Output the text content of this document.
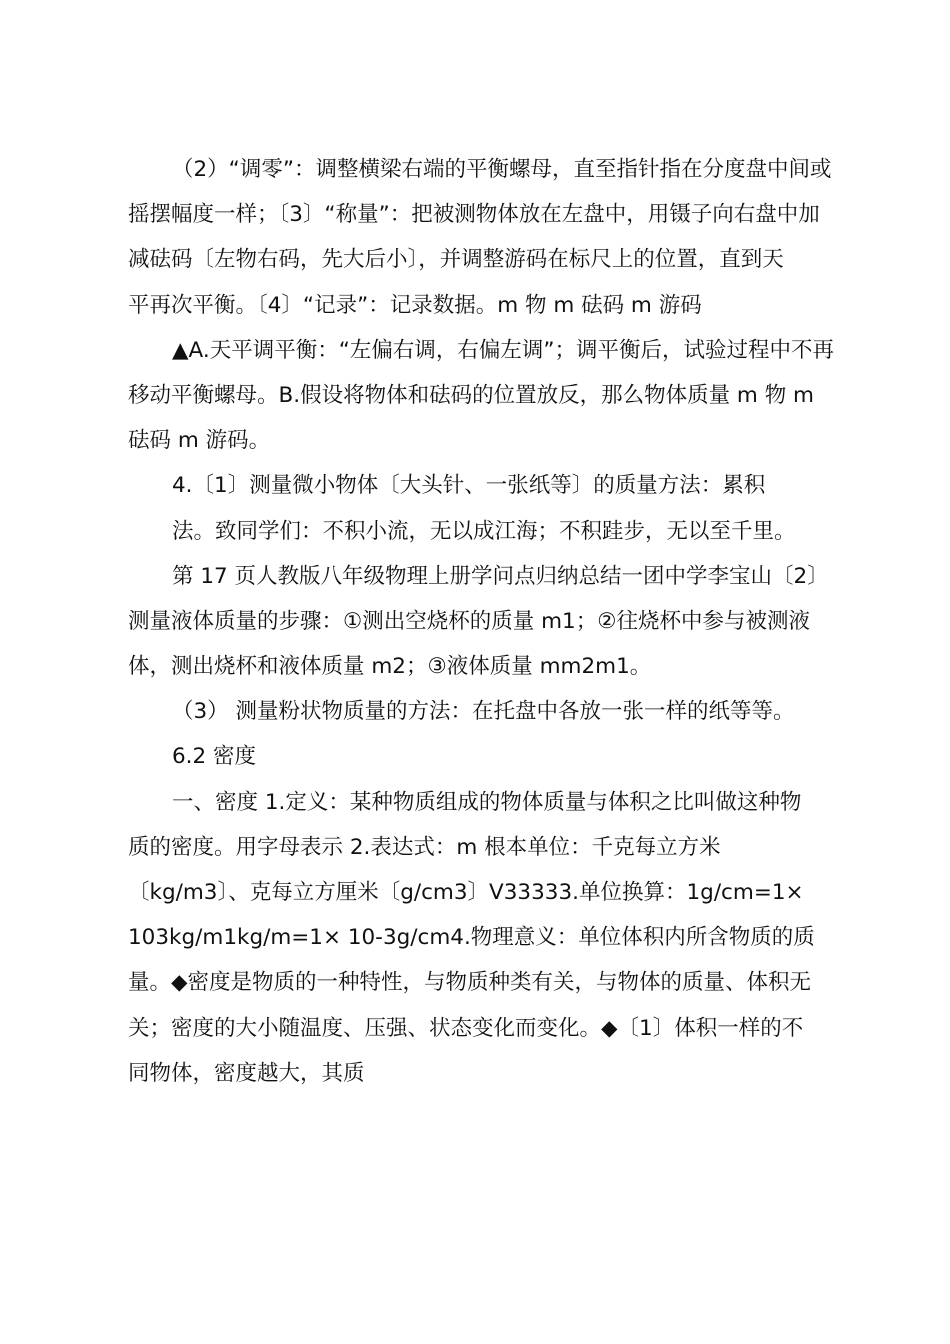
（2）“调零”：调整横梁右端的平衡螺母，直至指针指在分度盘中间或
摇摆幅度一样；〔3〕“称量”：把被测物体放在左盘中，用镊子向右盘中加
减砝码〔左物右码，先大后小〕，并调整游码在标尺上的位置，直到天
平再次平衡。〔4〕“记录”：记录数据。m 物 m 砝码 m 游码
▲A.天平调平衡：“左偏右调，右偏左调”；调平衡后，试验过程中不再
移动平衡螺母。B.假设将物体和砝码的位置放反，那么物体质量 m 物 m
砝码 m 游码。
4.〔1〕测量微小物体〔大头针、一张纸等〕的质量方法：累积
法。致同学们：不积小流，无以成江海；不积跬步，无以至千里。
第 17 页人教版八年级物理上册学问点归纳总结一团中学李宝山〔2〕
测量液体质量的步骤：①测出空烧杯的质量 m1；②往烧杯中参与被测液
体，测出烧杯和液体质量 m2；③液体质量 mm2m1。
（3） 测量粉状物质量的方法：在托盘中各放一张一样的纸等等。
6.2 密度
一、密度 1.定义：某种物质组成的物体质量与体积之比叫做这种物
质的密度。用字母表示 2.表达式：m 根本单位：千克每立方米
〔kg/m3〕、克每立方厘米〔g/cm3〕V33333.单位换算：1g/cm=1×
103kg/m1kg/m=1× 10-3g/cm4.物理意义：单位体积内所含物质的质
量。◆密度是物质的一种特性，与物质种类有关，与物体的质量、体积无
关；密度的大小随温度、压强、状态变化而变化。◆〔1〕体积一样的不
同物体，密度越大，其质
